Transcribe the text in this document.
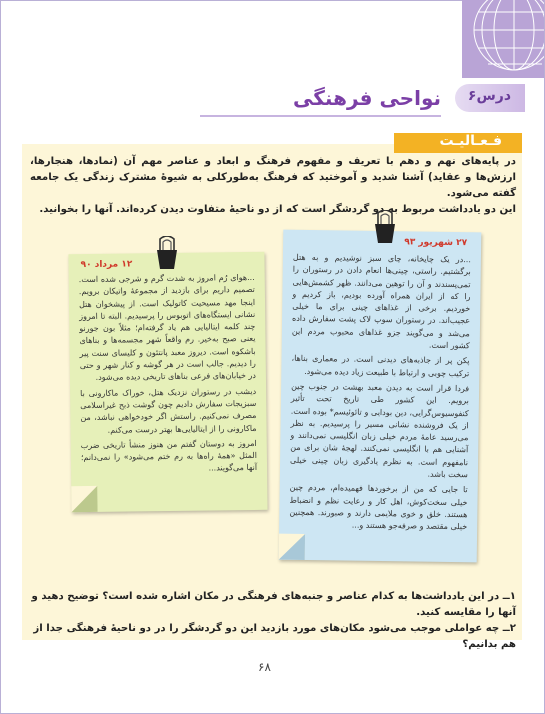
درس۶
نواحی فرهنگی
فـعـالیـت

در پایه‌های نهم و دهم با تعریف و مفهوم فرهنگ و ابعاد و عناصر مهم آن (نمادها، هنجارها، ارزش‌ها و عقاید) آشنا شدید و آموختید که فرهنگ به‌طورکلی به شیوهٔ مشترک زندگی یک جامعه گفته می‌شود.

این دو یادداشت مربوط به دو گردشگر است که از دو ناحیهٔ متفاوت دیدن کرده‌اند. آنها را بخوانید.

۱۲ مرداد ۹۰

...هوای رُم امروز به شدت گرم و شرجی شده است. تصمیم داریم برای بازدید از مجموعهٔ واتیکان برویم. اینجا مهد مسیحیت کاتولیک است. از پیشخوان هتل نشانی ایستگاه‌های اتوبوس را پرسیدیم. البته تا امروز چند کلمه ایتالیایی هم یاد گرفته‌ام؛ مثلاً بون جورنو یعنی صبح به‌خیر. رم واقعاً شهر مجسمه‌ها و بناهای باشکوه است. دیروز معبد پانتئون و کلیسای سنت پیر را دیدیم. جالب است در هر گوشه و کنار شهر و حتی در خیابان‌های فرعی بناهای تاریخی دیده می‌شود.

دیشب در رستوران نزدیک هتل، خوراک ماکارونی با سبزیجات سفارش دادیم چون گوشت ذبح غیراسلامی مصرف نمی‌کنیم. راستش اگر خودخواهی نباشد، من ماکارونی را از ایتالیایی‌ها بهتر درست می‌کنم.

امروز به دوستان گفتم من هنوز منشأ تاریخی ضرب المثل «همهٔ راه‌ها به رم ختم می‌شود» را نمی‌دانم؛ آنها می‌گویند...

۲۷ شهریور ۹۳

...در یک چایخانه، چای سبز نوشیدیم و به هتل برگشتیم. راستی، چینی‌ها انعام دادن در رستوران را تمی‌پسندند و آن را توهین می‌دانند. ظهر کشمش‌هایی را که از ایران همراه آورده بودیم، باز کردیم و خوردیم. برخی از غذاهای چینی برای ما خیلی عجیب‌اند. در رستوران سوپ لاک پشت سفارش داده می‌شد و می‌گویند جزو غذاهای محبوب مردم این کشور است.

پکن پر از جاذبه‌های دیدنی است. در معماری بناها، ترکیب چوبی و ارتباط با طبیعت زیاد دیده می‌شود.

فردا قرار است به دیدن معبد بهشت در جنوب چین برویم. این کشور طی تاریخ تحت تأثیر کنفوسیوس‌گرایی، دین بودایی و تائوئیسم* بوده است. از یک فروشنده نشانی مسیر را پرسیدیم. به نظر می‌رسید عامهٔ مردم خیلی زبان انگلیسی نمی‌دانند و آشنایی هم با انگلیسی نمی‌کنند. لهجهٔ شان برای من نامفهوم است. به‌ نظرم یادگیری زبان چینی خیلی سخت باشد.

تا جایی که من از برخوردها فهمیده‌ام، مردم چین خیلی سخت‌کوش، اهل کار و رعایت نظم و انضباط هستند. خلق و خوی ملایمی دارند و صبورند. همچنین خیلی مقتصد و صرفه‌جو هستند و...

۱ــ در این یادداشت‌ها به کدام عناصر و جنبه‌های فرهنگی در مکان اشاره شده است؟ توضیح دهید و آنها را مقایسه کنید.

۲ــ چه عواملی موجب می‌شود مکان‌های مورد بازدید این دو گردشگر را در دو ناحیهٔ فرهنگی جدا از هم بدانیم؟

۶۸
